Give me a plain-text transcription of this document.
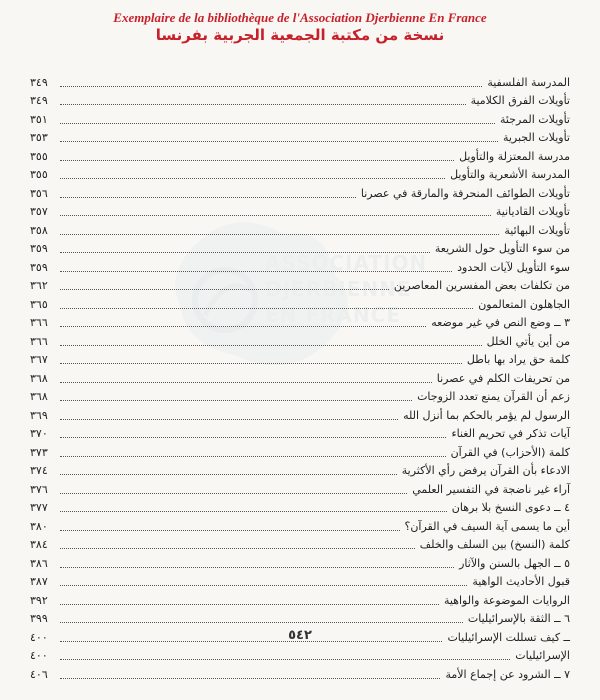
Exemplaire de la bibliothèque de l'Association Djerbienne En France
نسخة من مكتبة الجمعية الجربية بفرنسا
ASSOCIATION
DJERBIENNE
EN FRANCE
المدرسة الفلسفية
٣٤٩
تأويلات الفرق الكلامية
٣٤٩
تأويلات المرجئة
٣٥١
تأويلات الجبرية
٣٥٣
مدرسة المعتزلة والتأويل
٣٥٥
المدرسة الأشعرية والتأويل
٣٥٥
تأويلات الطوائف المنحرفة والمارقة في عصرنا
٣٥٦
تأويلات القاديانية
٣٥٧
تأويلات البهائية
٣٥٨
من سوء التأويل حول الشريعة
٣٥٩
سوء التأويل لآيات الحدود
٣٥٩
من تكلفات بعض المفسرين المعاصرين
٣٦٢
الجاهلون المتعالمون
٣٦٥
٣ ــ وضع النص في غير موضعه
٣٦٦
من أين يأتي الخلل
٣٦٦
كلمة حق يراد بها باطل
٣٦٧
من تحريفات الكلم في عصرنا
٣٦٨
زعم أن القرآن يمنع تعدد الزوجات
٣٦٨
الرسول لم يؤمر بالحكم بما أنزل الله
٣٦٩
آيات تذكر في تحريم الغناء
٣٧٠
كلمة (الأحزاب) في القرآن
٣٧٣
الادعاء بأن القرآن يرفض رأي الأكثرية
٣٧٤
آراء غير ناضجة في التفسير العلمي
٣٧٦
٤ ــ دعوى النسخ بلا برهان
٣٧٧
أين ما يسمى آية السيف في القرآن؟
٣٨٠
كلمة (النسخ) بين السلف والخلف
٣٨٤
٥ ــ الجهل بالسنن والآثار
٣٨٦
قبول الأحاديث الواهية
٣٨٧
الروايات الموضوعة والواهية
٣٩٢
٦ ــ الثقة بالإسرائيليات
٣٩٩
ــ كيف تسللت الإسرائيليات
٤٠٠
الإسرائيليات
٤٠٠
٧ ــ الشرود عن إجماع الأمة
٤٠٦
٥٤٢
